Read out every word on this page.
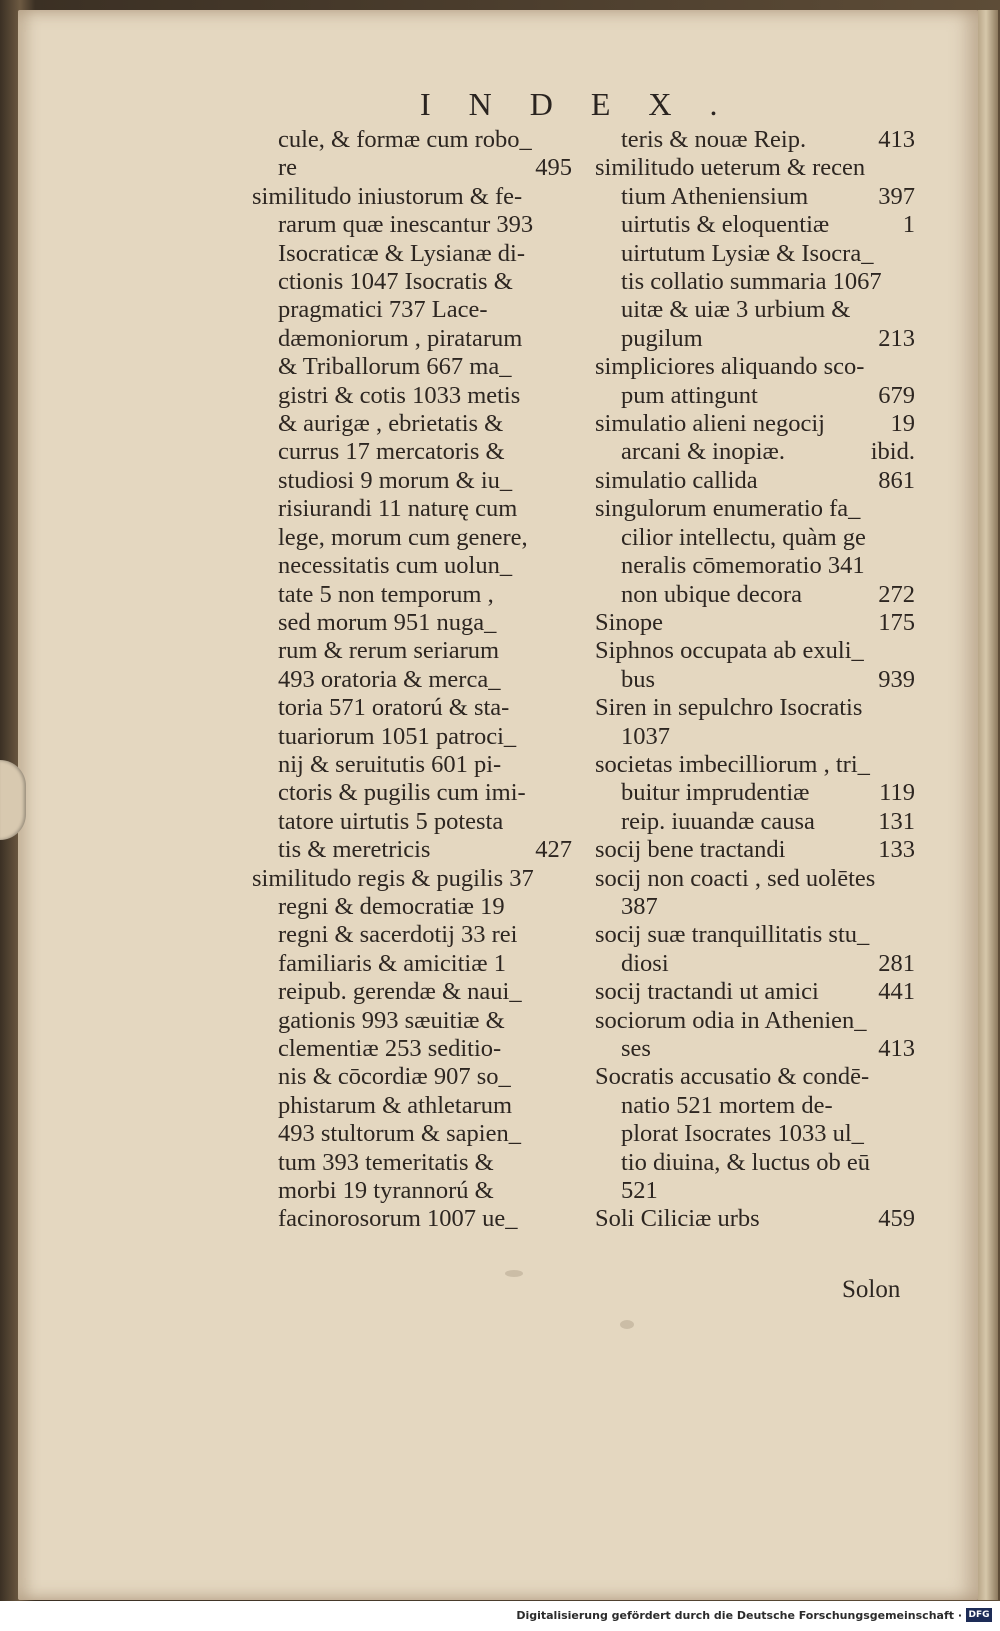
INDEX.
cule, & formæ cum robo_
re	495
similitudo iniustorum & fe-
rarum quæ inescantur 393
Isocraticæ & Lysianæ di-
ctionis 1047 Isocratis &
pragmatici 737 Lace-
dæmoniorum , piratarum
& Triballorum 667 ma_
gistri & cotis 1033 metis
& aurigæ , ebrietatis &
currus 17 mercatoris &
studiosi 9 morum & iu_
risiurandi 11 naturę cum
lege, morum cum genere,
necessitatis cum uolun_
tate 5 non temporum ,
sed morum 951 nuga_
rum & rerum seriarum
493 oratoria & merca_
toria 571 oratorú & sta-
tuariorum 1051 patroci_
nij & seruitutis 601 pi-
ctoris & pugilis cum imi-
tatore uirtutis 5 potesta
tis & meretricis	427
similitudo regis & pugilis 37
regni & democratiæ 19
regni & sacerdotij 33 rei
familiaris & amicitiæ 1
reipub. gerendæ & naui_
gationis 993 sæuitiæ &
clementiæ 253 seditio-
nis & cōcordiæ 907 so_
phistarum & athletarum
493 stultorum & sapien_
tum 393 temeritatis &
morbi 19 tyrannorú &
facinorosorum 1007 ue_
teris & nouæ Reip.	413
similitudo ueterum & recen
tium Atheniensium	397
uirtutis & eloquentiæ	1
uirtutum Lysiæ & Isocra_
tis collatio summaria 1067
uitæ & uiæ 3 urbium &
pugilum	213
simpliciores aliquando sco-
pum attingunt	679
simulatio alieni negocij	19
arcani & inopiæ.	ibid.
simulatio callida	861
singulorum enumeratio fa_
cilior intellectu, quàm ge
neralis cōmemoratio 341
non ubique decora	272
Sinope	175
Siphnos occupata ab exuli_
bus	939
Siren in sepulchro Isocratis
1037
societas imbecilliorum , tri_
buitur imprudentiæ	119
reip. iuuandæ causa	131
socij bene tractandi	133
socij non coacti , sed uolētes
387
socij suæ tranquillitatis stu_
diosi	281
socij tractandi ut amici 441
sociorum odia in Athenien_
ses	413
Socratis accusatio & condē-
natio 521 mortem de-
plorat Isocrates 1033 ul_
tio diuina, & luctus ob eū
521
Soli Ciliciæ urbs	459
Solon
Digitalisierung gefördert durch die Deutsche Forschungsgemeinschaft · DFG
